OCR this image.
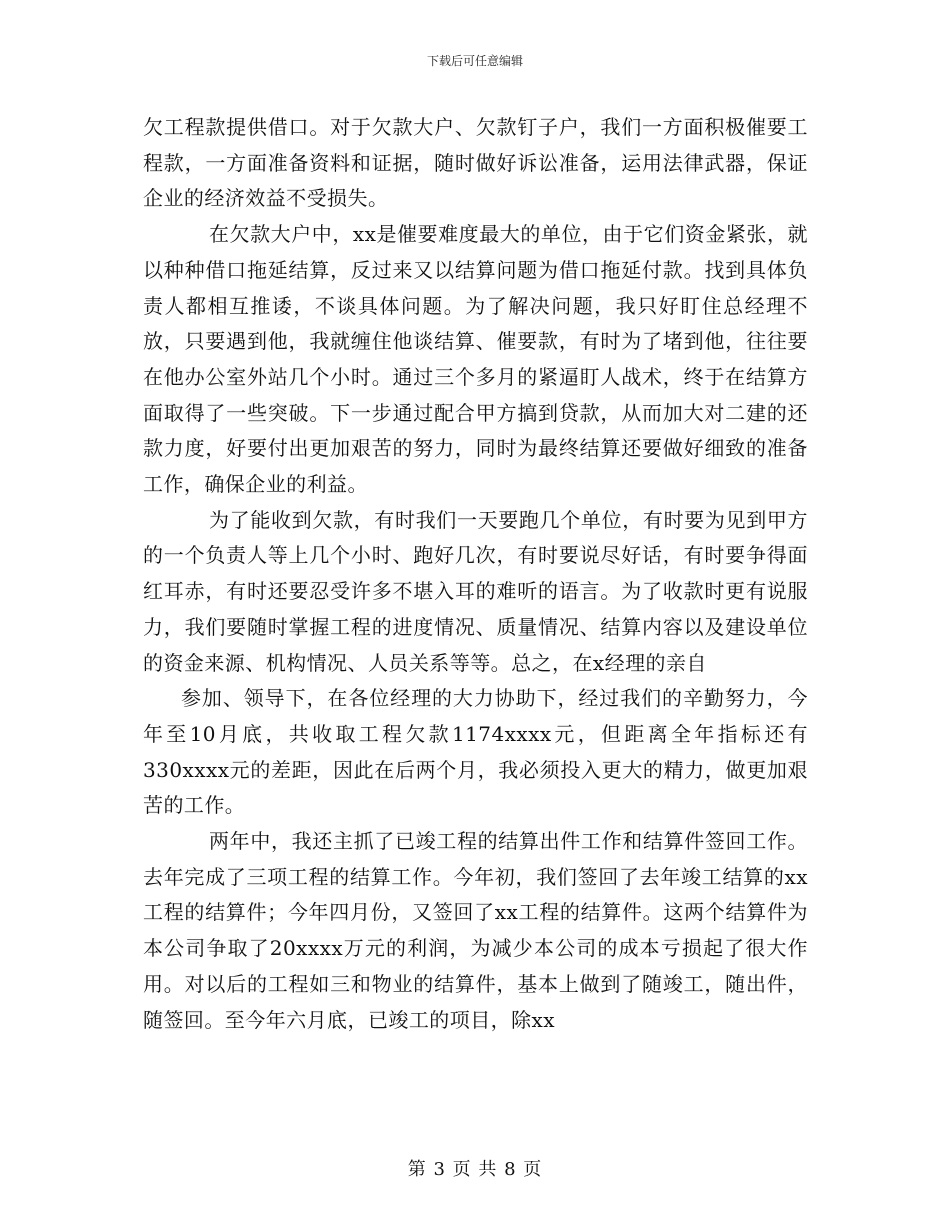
下载后可任意编辑

欠工程款提供借口。对于欠款大户、欠款钉子户，我们一方面积极催要工程款，一方面准备资料和证据，随时做好诉讼准备，运用法律武器，保证企业的经济效益不受损失。

在欠款大户中，xx是催要难度最大的单位，由于它们资金紧张，就以种种借口拖延结算，反过来又以结算问题为借口拖延付款。找到具体负责人都相互推诿，不谈具体问题。为了解决问题，我只好盯住总经理不放，只要遇到他，我就缠住他谈结算、催要款，有时为了堵到他，往往要在他办公室外站几个小时。通过三个多月的紧逼盯人战术，终于在结算方面取得了一些突破。下一步通过配合甲方搞到贷款，从而加大对二建的还款力度，好要付出更加艰苦的努力，同时为最终结算还要做好细致的准备工作，确保企业的利益。

为了能收到欠款，有时我们一天要跑几个单位，有时要为见到甲方的一个负责人等上几个小时、跑好几次，有时要说尽好话，有时要争得面红耳赤，有时还要忍受许多不堪入耳的难听的语言。为了收款时更有说服力，我们要随时掌握工程的进度情况、质量情况、结算内容以及建设单位的资金来源、机构情况、人员关系等等。总之，在x经理的亲自

参加、领导下，在各位经理的大力协助下，经过我们的辛勤努力，今年至10月底，共收取工程欠款1174xxxx元，但距离全年指标还有330xxxx元的差距，因此在后两个月，我必须投入更大的精力，做更加艰苦的工作。

两年中，我还主抓了已竣工程的结算出件工作和结算件签回工作。去年完成了三项工程的结算工作。今年初，我们签回了去年竣工结算的xx工程的结算件；今年四月份，又签回了xx工程的结算件。这两个结算件为本公司争取了20xxxx万元的利润，为减少本公司的成本亏损起了很大作用。对以后的工程如三和物业的结算件，基本上做到了随竣工，随出件，随签回。至今年六月底，已竣工的项目，除xx

第 3 页 共 8 页
